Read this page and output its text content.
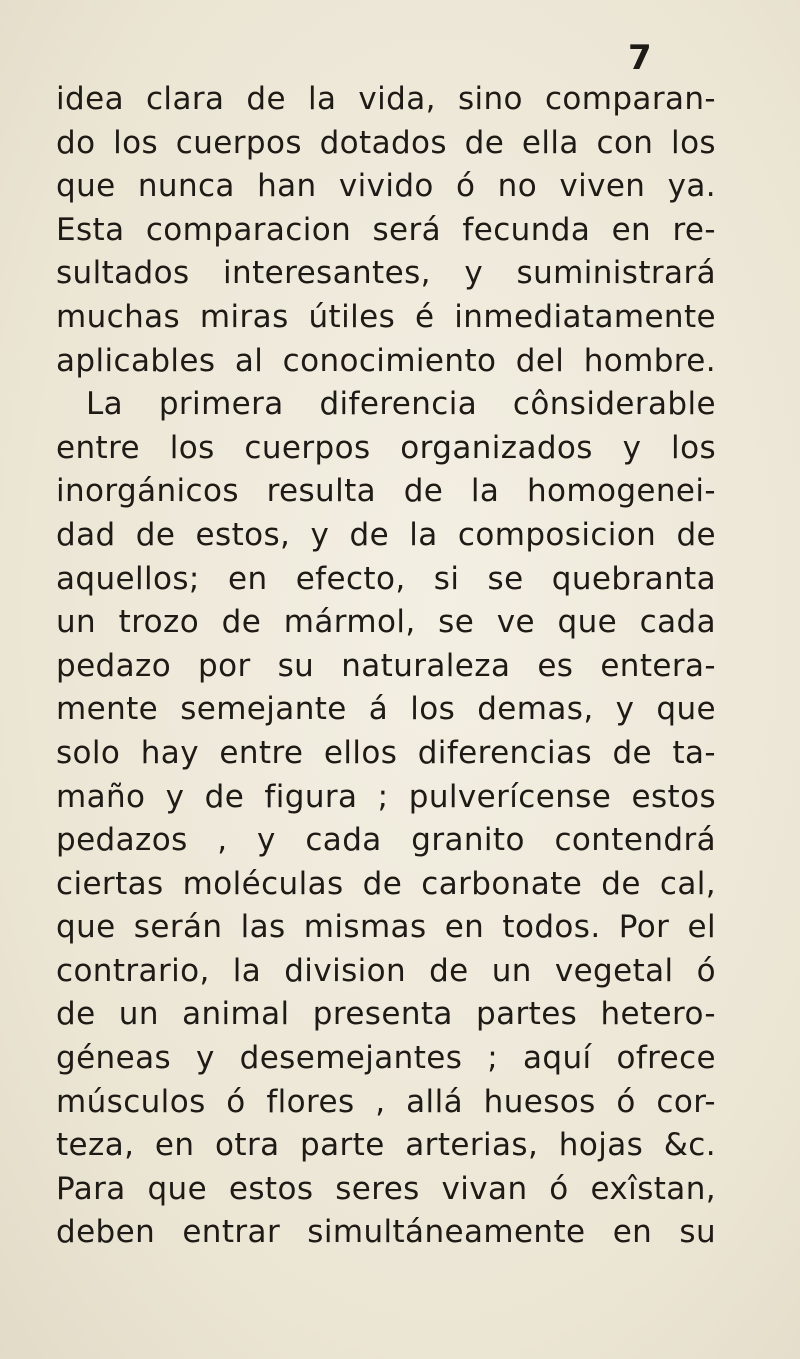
7
idea clara de la vida, sino comparan-
do los cuerpos dotados de ella con los
que nunca han vivido ó no viven ya.
Esta comparacion será fecunda en re-
sultados interesantes, y suministrará
muchas miras útiles é inmediatamente
aplicables al conocimiento del hombre.
La primera diferencia cônsiderable
entre los cuerpos organizados y los
inorgánicos resulta de la homogenei-
dad de estos, y de la composicion de
aquellos; en efecto, si se quebranta
un trozo de mármol, se ve que cada
pedazo por su naturaleza es entera-
mente semejante á los demas, y que
solo hay entre ellos diferencias de ta-
maño y de figura ; pulverícense estos
pedazos , y cada granito contendrá
ciertas moléculas de carbonate de cal,
que serán las mismas en todos. Por el
contrario, la division de un vegetal ó
de un animal presenta partes hetero-
géneas y desemejantes ; aquí ofrece
músculos ó flores , allá huesos ó cor-
teza, en otra parte arterias, hojas &c.
Para que estos seres vivan ó exîstan,
deben entrar simultáneamente en su
